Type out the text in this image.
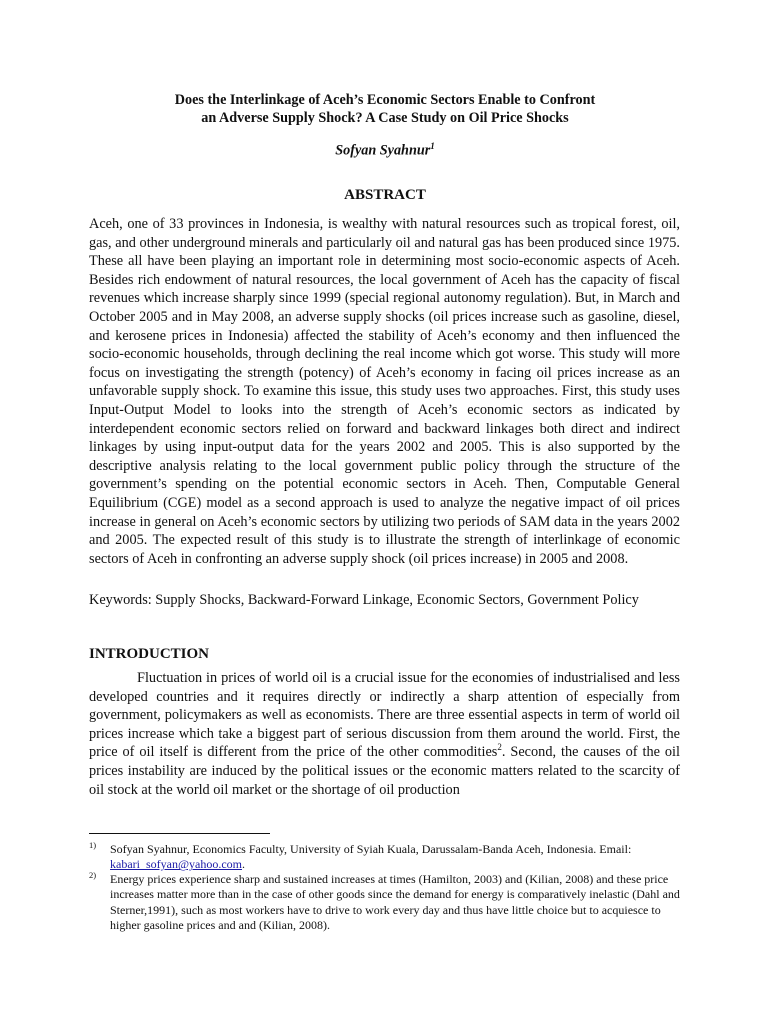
Does the Interlinkage of Aceh’s Economic Sectors Enable to Confront
an Adverse Supply Shock? A Case Study on Oil Price Shocks
Sofyan Syahnur$^1$
ABSTRACT
Aceh, one of 33 provinces in Indonesia, is wealthy with natural resources such as tropical forest, oil, gas, and other underground minerals and particularly oil and natural gas has been produced since 1975. These all have been playing an important role in determining most socio-economic aspects of Aceh. Besides rich endowment of natural resources, the local government of Aceh has the capacity of fiscal revenues which increase sharply since 1999 (special regional autonomy regulation). But, in March and October 2005 and in May 2008, an adverse supply shocks (oil prices increase such as gasoline, diesel, and kerosene prices in Indonesia) affected the stability of Aceh’s economy and then influenced the socio-economic households, through declining the real income which got worse. This study will more focus on investigating the strength (potency) of Aceh’s economy in facing oil prices increase as an unfavorable supply shock. To examine this issue, this study uses two approaches. First, this study uses Input-Output Model to looks into the strength of Aceh’s economic sectors as indicated by interdependent economic sectors relied on forward and backward linkages both direct and indirect linkages by using input-output data for the years 2002 and 2005. This is also supported by the descriptive analysis relating to the local government public policy through the structure of the government’s spending on the potential economic sectors in Aceh. Then, Computable General Equilibrium (CGE) model as a second approach is used to analyze the negative impact of oil prices increase in general on Aceh’s economic sectors by utilizing two periods of SAM data in the years 2002 and 2005. The expected result of this study is to illustrate the strength of interlinkage of economic sectors of Aceh in confronting an adverse supply shock (oil prices increase) in 2005 and 2008.
Keywords: Supply Shocks, Backward-Forward Linkage, Economic Sectors, Government Policy
INTRODUCTION
Fluctuation in prices of world oil is a crucial issue for the economies of industrialised and less developed countries and it requires directly or indirectly a sharp attention of especially from government, policymakers as well as economists. There are three essential aspects in term of world oil prices increase which take a biggest part of serious discussion from them around the world. First, the price of oil itself is different from the price of the other commodities$^2$. Second, the causes of the oil prices instability are induced by the political issues or the economic matters related to the scarcity of oil stock at the world oil market or the shortage of oil production
1) Sofyan Syahnur, Economics Faculty, University of Syiah Kuala, Darussalam-Banda Aceh, Indonesia. Email:
kabari_sofyan@yahoo.com.
2) Energy prices experience sharp and sustained increases at times (Hamilton, 2003) and (Kilian, 2008) and these price increases matter more than in the case of other goods since the demand for energy is comparatively inelastic (Dahl and Sterner,1991), such as most workers have to drive to work every day and thus have little choice but to acquiesce to higher gasoline prices and and (Kilian, 2008).
